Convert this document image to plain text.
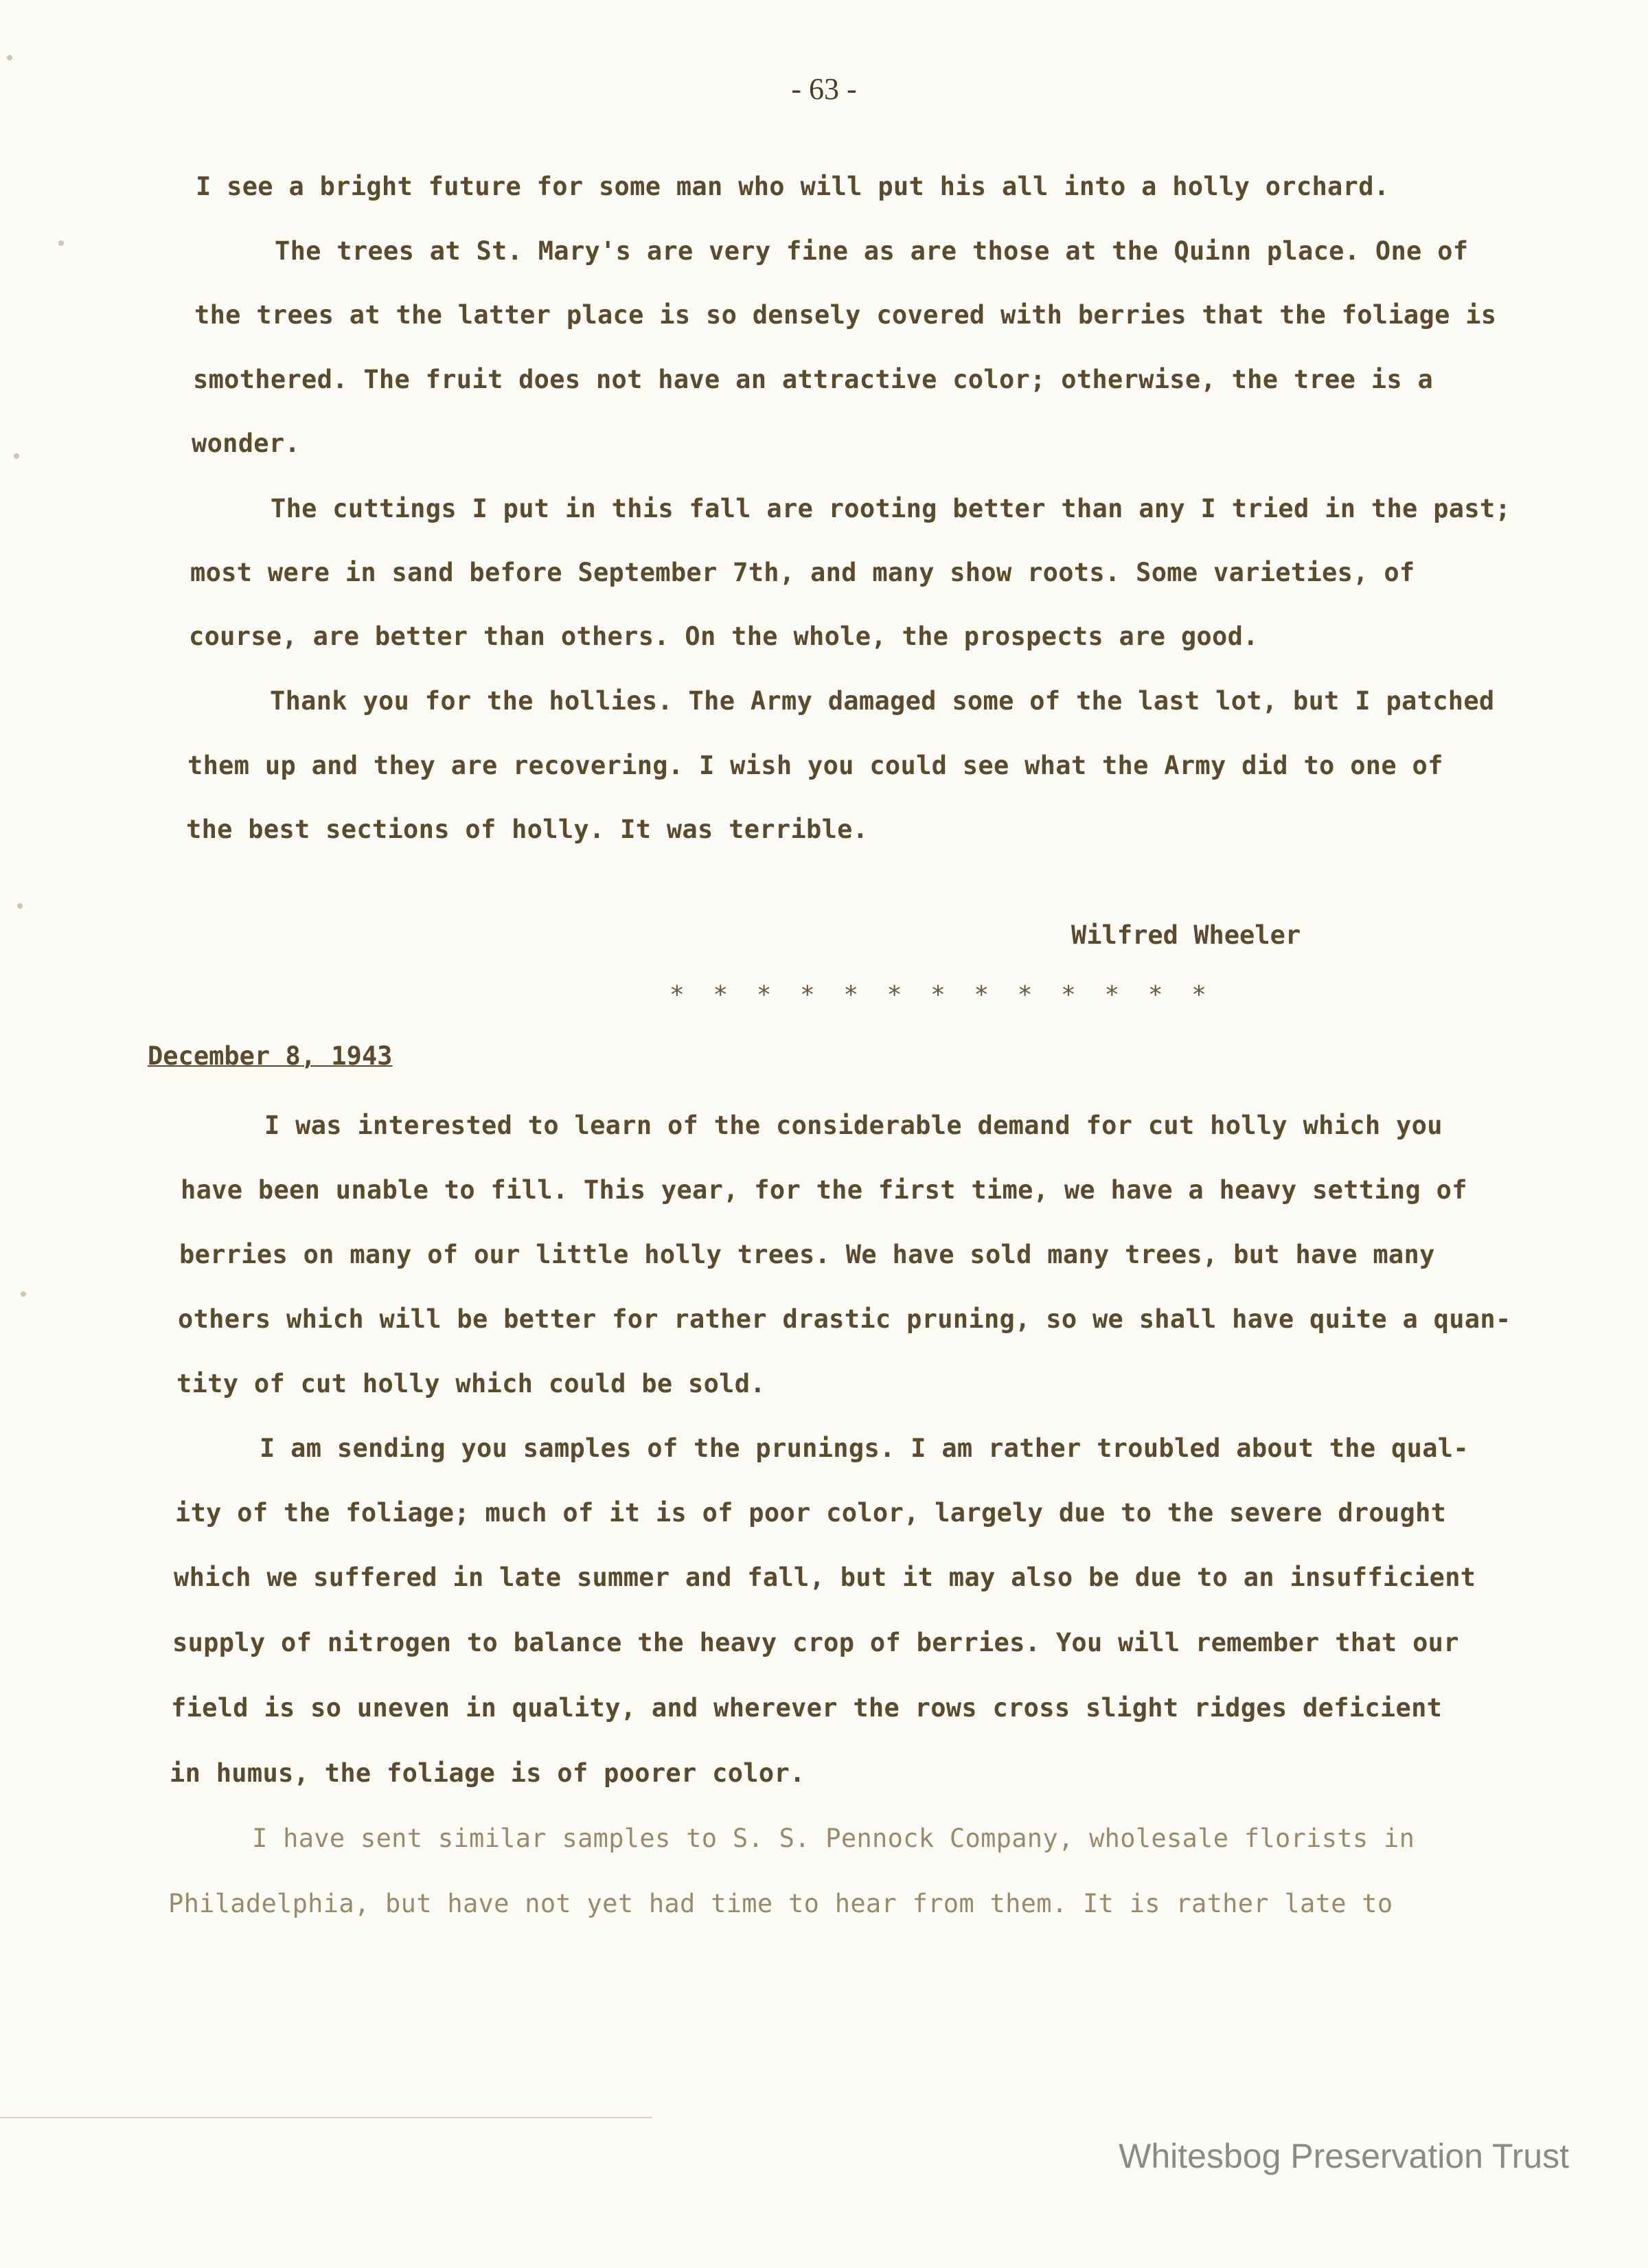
- 63 -
I see a bright future for some man who will put his all into a holly orchard.
The trees at St. Mary's are very fine as are those at the Quinn place. One of
the trees at the latter place is so densely covered with berries that the foliage is
smothered. The fruit does not have an attractive color; otherwise, the tree is a
wonder.
The cuttings I put in this fall are rooting better than any I tried in the past;
most were in sand before September 7th, and many show roots. Some varieties, of
course, are better than others. On the whole, the prospects are good.
Thank you for the hollies. The Army damaged some of the last lot, but I patched
them up and they are recovering. I wish you could see what the Army did to one of
the best sections of holly. It was terrible.
Wilfred Wheeler
* * * * * * * * * * * * *
December 8, 1943
I was interested to learn of the considerable demand for cut holly which you
have been unable to fill. This year, for the first time, we have a heavy setting of
berries on many of our little holly trees. We have sold many trees, but have many
others which will be better for rather drastic pruning, so we shall have quite a quan-
tity of cut holly which could be sold.
I am sending you samples of the prunings. I am rather troubled about the qual-
ity of the foliage; much of it is of poor color, largely due to the severe drought
which we suffered in late summer and fall, but it may also be due to an insufficient
supply of nitrogen to balance the heavy crop of berries. You will remember that our
field is so uneven in quality, and wherever the rows cross slight ridges deficient
in humus, the foliage is of poorer color.
I have sent similar samples to S. S. Pennock Company, wholesale florists in
Philadelphia, but have not yet had time to hear from them. It is rather late to
Whitesbog Preservation Trust
